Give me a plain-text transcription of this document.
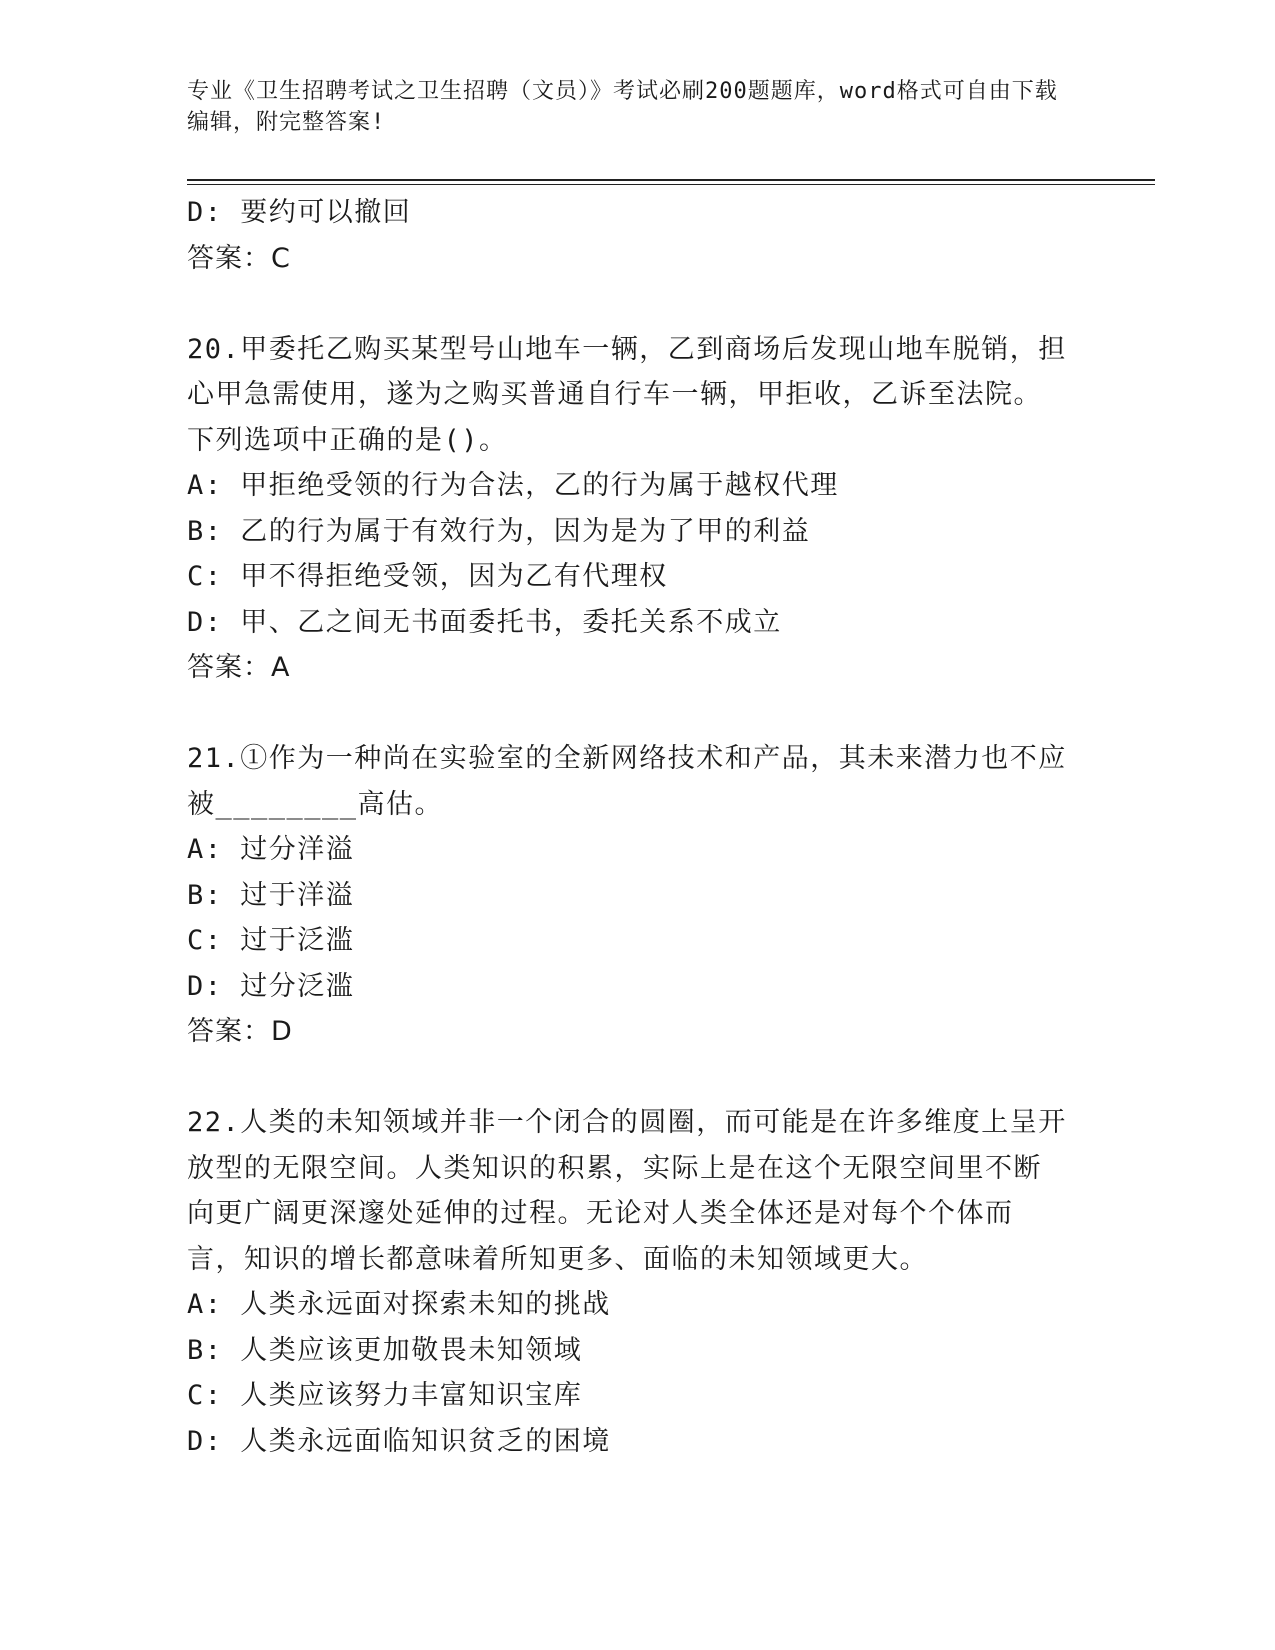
专业《卫生招聘考试之卫生招聘（文员）》考试必刷200题题库，word格式可自由下载编辑，附完整答案!
D: 要约可以撤回
答案：C
20.甲委托乙购买某型号山地车一辆，乙到商场后发现山地车脱销，担心甲急需使用，遂为之购买普通自行车一辆，甲拒收，乙诉至法院。下列选项中正确的是()。
A: 甲拒绝受领的行为合法，乙的行为属于越权代理
B: 乙的行为属于有效行为，因为是为了甲的利益
C: 甲不得拒绝受领，因为乙有代理权
D: 甲、乙之间无书面委托书，委托关系不成立
答案：A
21.①作为一种尚在实验室的全新网络技术和产品，其未来潜力也不应被________高估。
A: 过分洋溢
B: 过于洋溢
C: 过于泛滥
D: 过分泛滥
答案：D
22.人类的未知领域并非一个闭合的圆圈，而可能是在许多维度上呈开放型的无限空间。人类知识的积累，实际上是在这个无限空间里不断向更广阔更深邃处延伸的过程。无论对人类全体还是对每个个体而言，知识的增长都意味着所知更多、面临的未知领域更大。
A: 人类永远面对探索未知的挑战
B: 人类应该更加敬畏未知领域
C: 人类应该努力丰富知识宝库
D: 人类永远面临知识贫乏的困境
